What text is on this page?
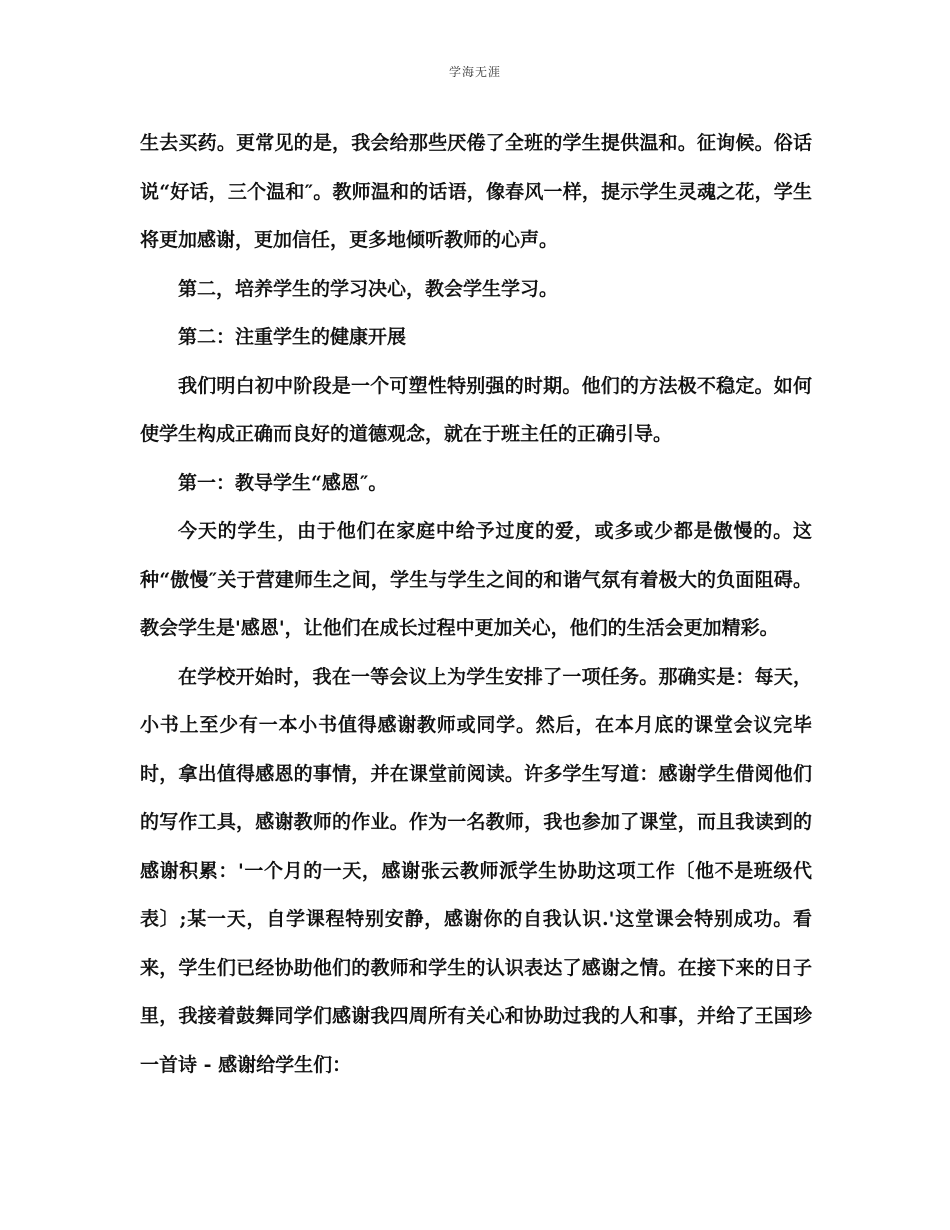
学海无涯

生去买药。更常见的是，我会给那些厌倦了全班的学生提供温和。征询候。俗话说“好话，三个温和″。教师温和的话语，像春风一样，提示学生灵魂之花，学生将更加感谢，更加信任，更多地倾听教师的心声。

第二，培养学生的学习决心，教会学生学习。

第二：注重学生的健康开展

我们明白初中阶段是一个可塑性特别强的时期。他们的方法极不稳定。如何使学生构成正确而良好的道德观念，就在于班主任的正确引导。

第一：教导学生“感恩″。

今天的学生，由于他们在家庭中给予过度的爱，或多或少都是傲慢的。这种“傲慢″关于营建师生之间，学生与学生之间的和谐气氛有着极大的负面阻碍。教会学生是'感恩'，让他们在成长过程中更加关心，他们的生活会更加精彩。

在学校开始时，我在一等会议上为学生安排了一项任务。那确实是：每天，小书上至少有一本小书值得感谢教师或同学。然后，在本月底的课堂会议完毕时，拿出值得感恩的事情，并在课堂前阅读。许多学生写道：感谢学生借阅他们的写作工具，感谢教师的作业。作为一名教师，我也参加了课堂，而且我读到的感谢积累：'一个月的一天，感谢张云教师派学生协助这项工作〔他不是班级代表〕;某一天，自学课程特别安静，感谢你的自我认识.'这堂课会特别成功。看来，学生们已经协助他们的教师和学生的认识表达了感谢之情。在接下来的日子里，我接着鼓舞同学们感谢我四周所有关心和协助过我的人和事，并给了王国珍一首诗 - 感谢给学生们：
